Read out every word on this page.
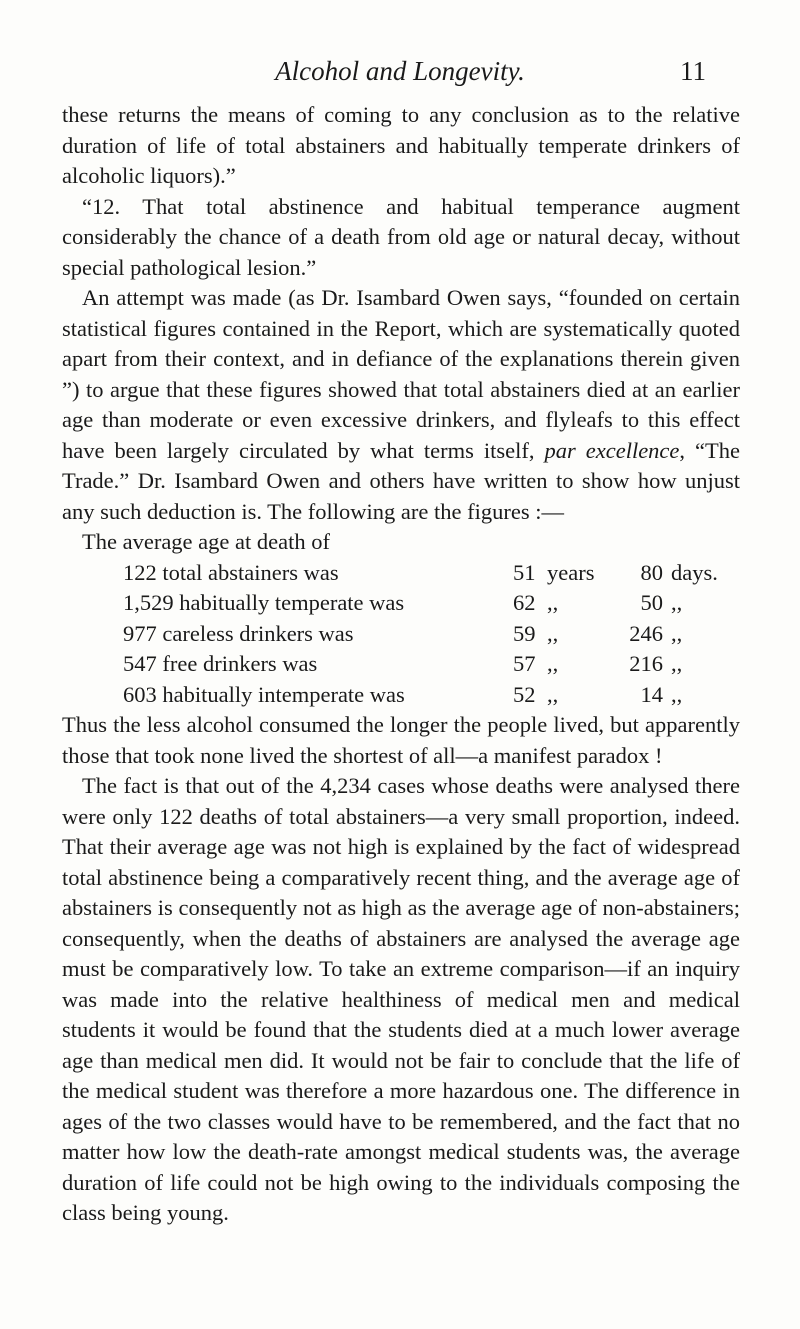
Alcohol and Longevity.	11

these returns the means of coming to any conclusion as to the relative duration of life of total abstainers and habitually temperate drinkers of alcoholic liquors).”

“12. That total abstinence and habitual temperance augment considerably the chance of a death from old age or natural decay, without special pathological lesion.”

An attempt was made (as Dr. Isambard Owen says, “founded on certain statistical figures contained in the Report, which are systematically quoted apart from their context, and in defiance of the explanations therein given ”) to argue that these figures showed that total abstainers died at an earlier age than moderate or even excessive drinkers, and flyleafs to this effect have been largely circulated by what terms itself, par excellence, “The Trade.” Dr. Isambard Owen and others have written to show how unjust any such deduction is. The following are the figures :—

The average age at death of

122 total abstainers was	51	years	80	days.
1,529 habitually temperate was	62	,,	50	,,
977 careless drinkers was	59	,,	246	,,
547 free drinkers was	57	,,	216	,,
603 habitually intemperate was	52	,,	14	,,

Thus the less alcohol consumed the longer the people lived, but apparently those that took none lived the shortest of all—a manifest paradox !

The fact is that out of the 4,234 cases whose deaths were analysed there were only 122 deaths of total abstainers—a very small proportion, indeed. That their average age was not high is explained by the fact of widespread total abstinence being a comparatively recent thing, and the average age of abstainers is consequently not as high as the average age of non-abstainers; consequently, when the deaths of abstainers are analysed the average age must be comparatively low. To take an extreme comparison—if an inquiry was made into the relative healthiness of medical men and medical students it would be found that the students died at a much lower average age than medical men did. It would not be fair to conclude that the life of the medical student was therefore a more hazardous one. The difference in ages of the two classes would have to be remembered, and the fact that no matter how low the death-rate amongst medical students was, the average duration of life could not be high owing to the individuals composing the class being young.
